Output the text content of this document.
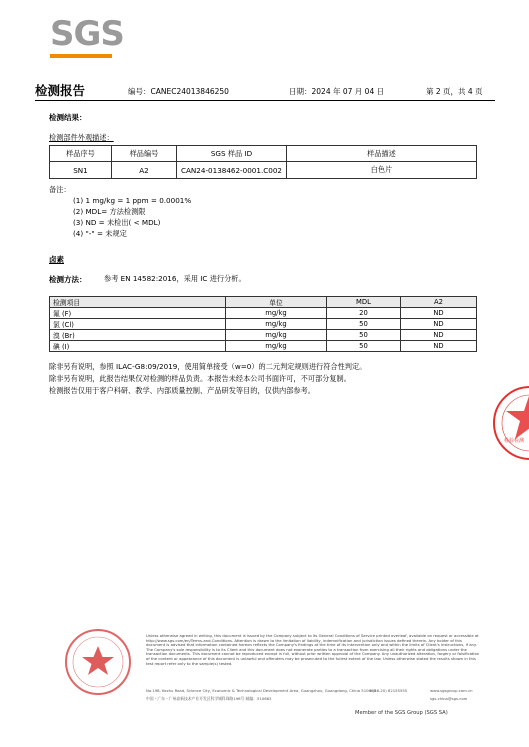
SGS
检测报告	编号：CANEC24013846250	日期：2024 年 07 月 04 日	第 2 页，共 4 页
检测结果：
检测部件外观描述：
样品序号	样品编号	SGS 样品 ID	样品描述
SN1	A2	CAN24-0138462-0001.C002	白色片
备注：
(1) 1 mg/kg = 1 ppm = 0.0001%
(2) MDL= 方法检测限
(3) ND = 未检出( < MDL)
(4) "-" = 未规定
卤素
检测方法： 参考 EN 14582:2016，采用 IC 进行分析。
检测项目	单位	MDL	A2
氟 (F)	mg/kg	20	ND
氯 (Cl)	mg/kg	50	ND
溴 (Br)	mg/kg	50	ND
碘 (I)	mg/kg	50	ND
除非另有说明，参照 ILAC-G8:09/2019，使用简单接受（w=0）的二元判定规则进行符合性判定。
除非另有说明，此报告结果仅对检测的样品负责。本报告未经本公司书面许可，不可部分复制。
检测报告仅用于客户科研、教学、内部质量控制、产品研发等目的，仅供内部参考。
检验检测
Unless otherwise agreed in writing, this document is issued by the Company subject to its General Conditions of Service printed overleaf, available on request or accessible at http://www.sgs.com/en/Terms-and-Conditions. Attention is drawn to the limitation of liability, indemnification and jurisdiction issues defined therein. Any holder of this document is advised that information contained hereon reflects the Company's findings at the time of its intervention only and within the limits of Client's instructions, if any. The Company's sole responsibility is to its Client and this document does not exonerate parties to a transaction from exercising all their rights and obligations under the transaction documents. This document cannot be reproduced except in full, without prior written approval of the Company. Any unauthorized alteration, forgery or falsification of the content or appearance of this document is unlawful and offenders may be prosecuted to the fullest extent of the law. Unless otherwise stated the results shown in this test report refer only to the sample(s) tested.
No.198, Kezhu Road, Science City, Economic & Technological Development Area, Guangzhou, Guangdong, China 510663
中国・广东・广州高新技术产业开发区科学城科珠路198号 邮编：510663
t (86-20) 82155555	www.sgsgroup.com.cn
sgs.china@sgs.com
Member of the SGS Group (SGS SA)
